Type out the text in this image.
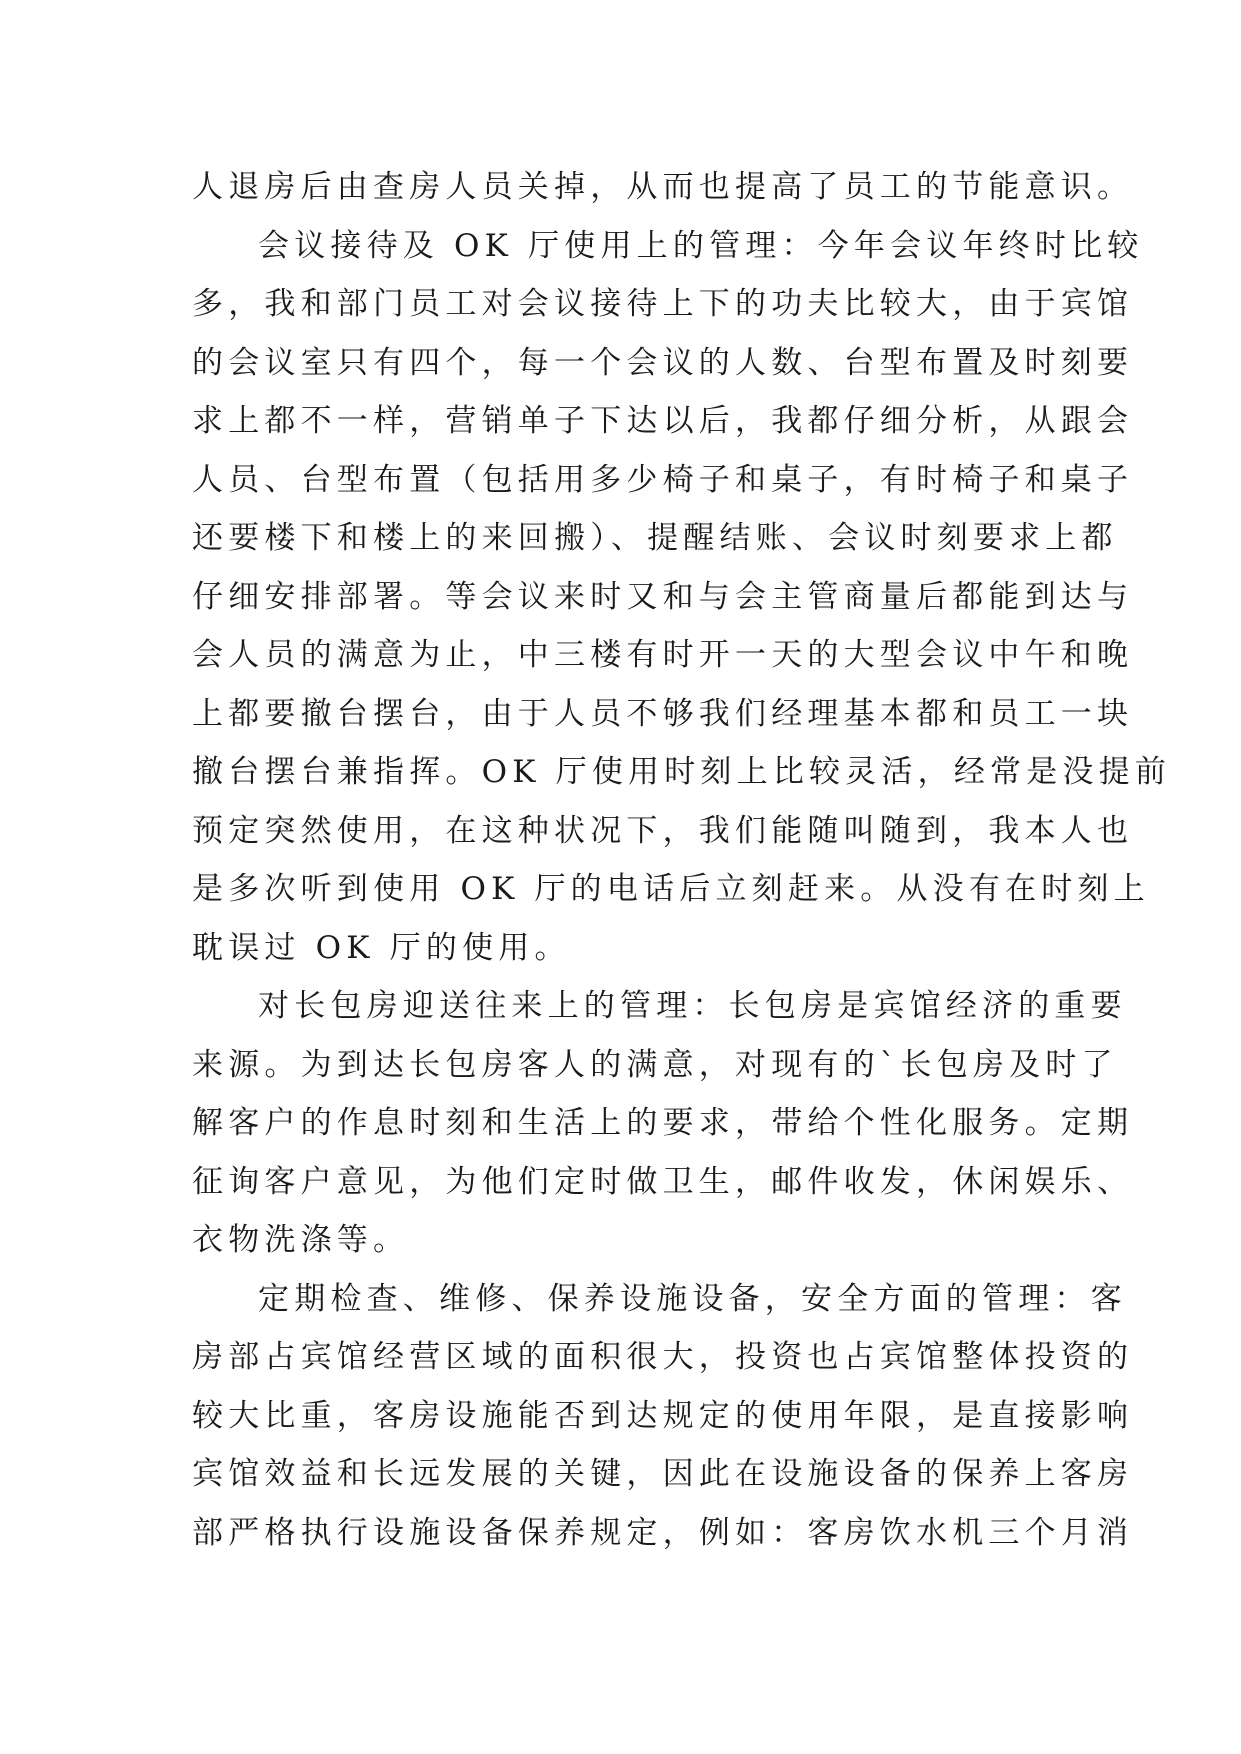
人退房后由查房人员关掉，从而也提高了员工的节能意识。
会议接待及 OK 厅使用上的管理：今年会议年终时比较
多，我和部门员工对会议接待上下的功夫比较大，由于宾馆
的会议室只有四个，每一个会议的人数、台型布置及时刻要
求上都不一样，营销单子下达以后，我都仔细分析，从跟会
人员、台型布置（包括用多少椅子和桌子，有时椅子和桌子
还要楼下和楼上的来回搬）、提醒结账、会议时刻要求上都
仔细安排部署。等会议来时又和与会主管商量后都能到达与
会人员的满意为止，中三楼有时开一天的大型会议中午和晚
上都要撤台摆台，由于人员不够我们经理基本都和员工一块
撤台摆台兼指挥。OK 厅使用时刻上比较灵活，经常是没提前
预定突然使用，在这种状况下，我们能随叫随到，我本人也
是多次听到使用 OK 厅的电话后立刻赶来。从没有在时刻上
耽误过 OK 厅的使用。
对长包房迎送往来上的管理：长包房是宾馆经济的重要
来源。为到达长包房客人的满意，对现有的`长包房及时了
解客户的作息时刻和生活上的要求，带给个性化服务。定期
征询客户意见，为他们定时做卫生，邮件收发，休闲娱乐、
衣物洗涤等。
定期检查、维修、保养设施设备，安全方面的管理：客
房部占宾馆经营区域的面积很大，投资也占宾馆整体投资的
较大比重，客房设施能否到达规定的使用年限，是直接影响
宾馆效益和长远发展的关键，因此在设施设备的保养上客房
部严格执行设施设备保养规定，例如：客房饮水机三个月消
